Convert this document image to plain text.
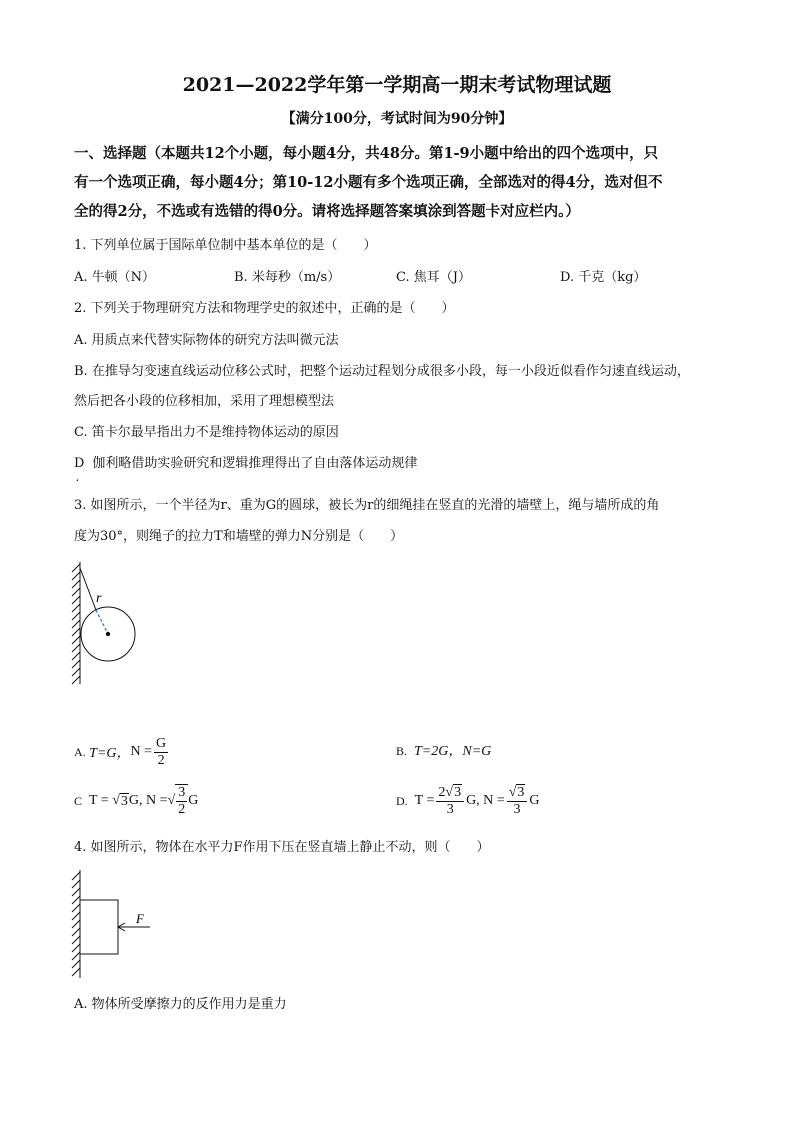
2021—2022学年第一学期高一期末考试物理试题
【满分100分，考试时间为90分钟】
一、选择题（本题共12个小题，每小题4分，共48分。第1-9小题中给出的四个选项中，只
有一个选项正确，每小题4分；第10-12小题有多个选项正确，全部选对的得4分，选对但不
全的得2分，不选或有选错的得0分。请将选择题答案填涂到答题卡对应栏内。）
1. 下列单位属于国际单位制中基本单位的是（　　）
A. 牛顿（N）	B. 米每秒（m/s）	C. 焦耳（J）	D. 千克（kg）
2. 下列关于物理研究方法和物理学史的叙述中，正确的是（　　）
A. 用质点来代替实际物体的研究方法叫微元法
B. 在推导匀变速直线运动位移公式时，把整个运动过程划分成很多小段，每一小段近似看作匀速直线运动，
然后把各小段的位移相加，采用了理想模型法
C. 笛卡尔最早指出力不是维持物体运动的原因
D. 伽利略借助实验研究和逻辑推理得出了自由落体运动规律
3. 如图所示，一个半径为r、重为G的圆球，被长为r的细绳挂在竖直的光滑的墙壁上，绳与墙所成的角
度为30°，则绳子的拉力T和墙壁的弹力N分别是（　　）
r
A.
T=G， $N = \frac{G}{2}$	B. T=2G，N=G
C
T = √ 3 G, N = √ $\frac{3}{2}$ G	D.
$T = \frac{2√3}{3} G$, $N = \frac{√3}{3}$ G
4. 如图所示，物体在水平力F作用下压在竖直墙上静止不动，则（　　）
F
A. 物体所受摩擦力的反作用力是重力
